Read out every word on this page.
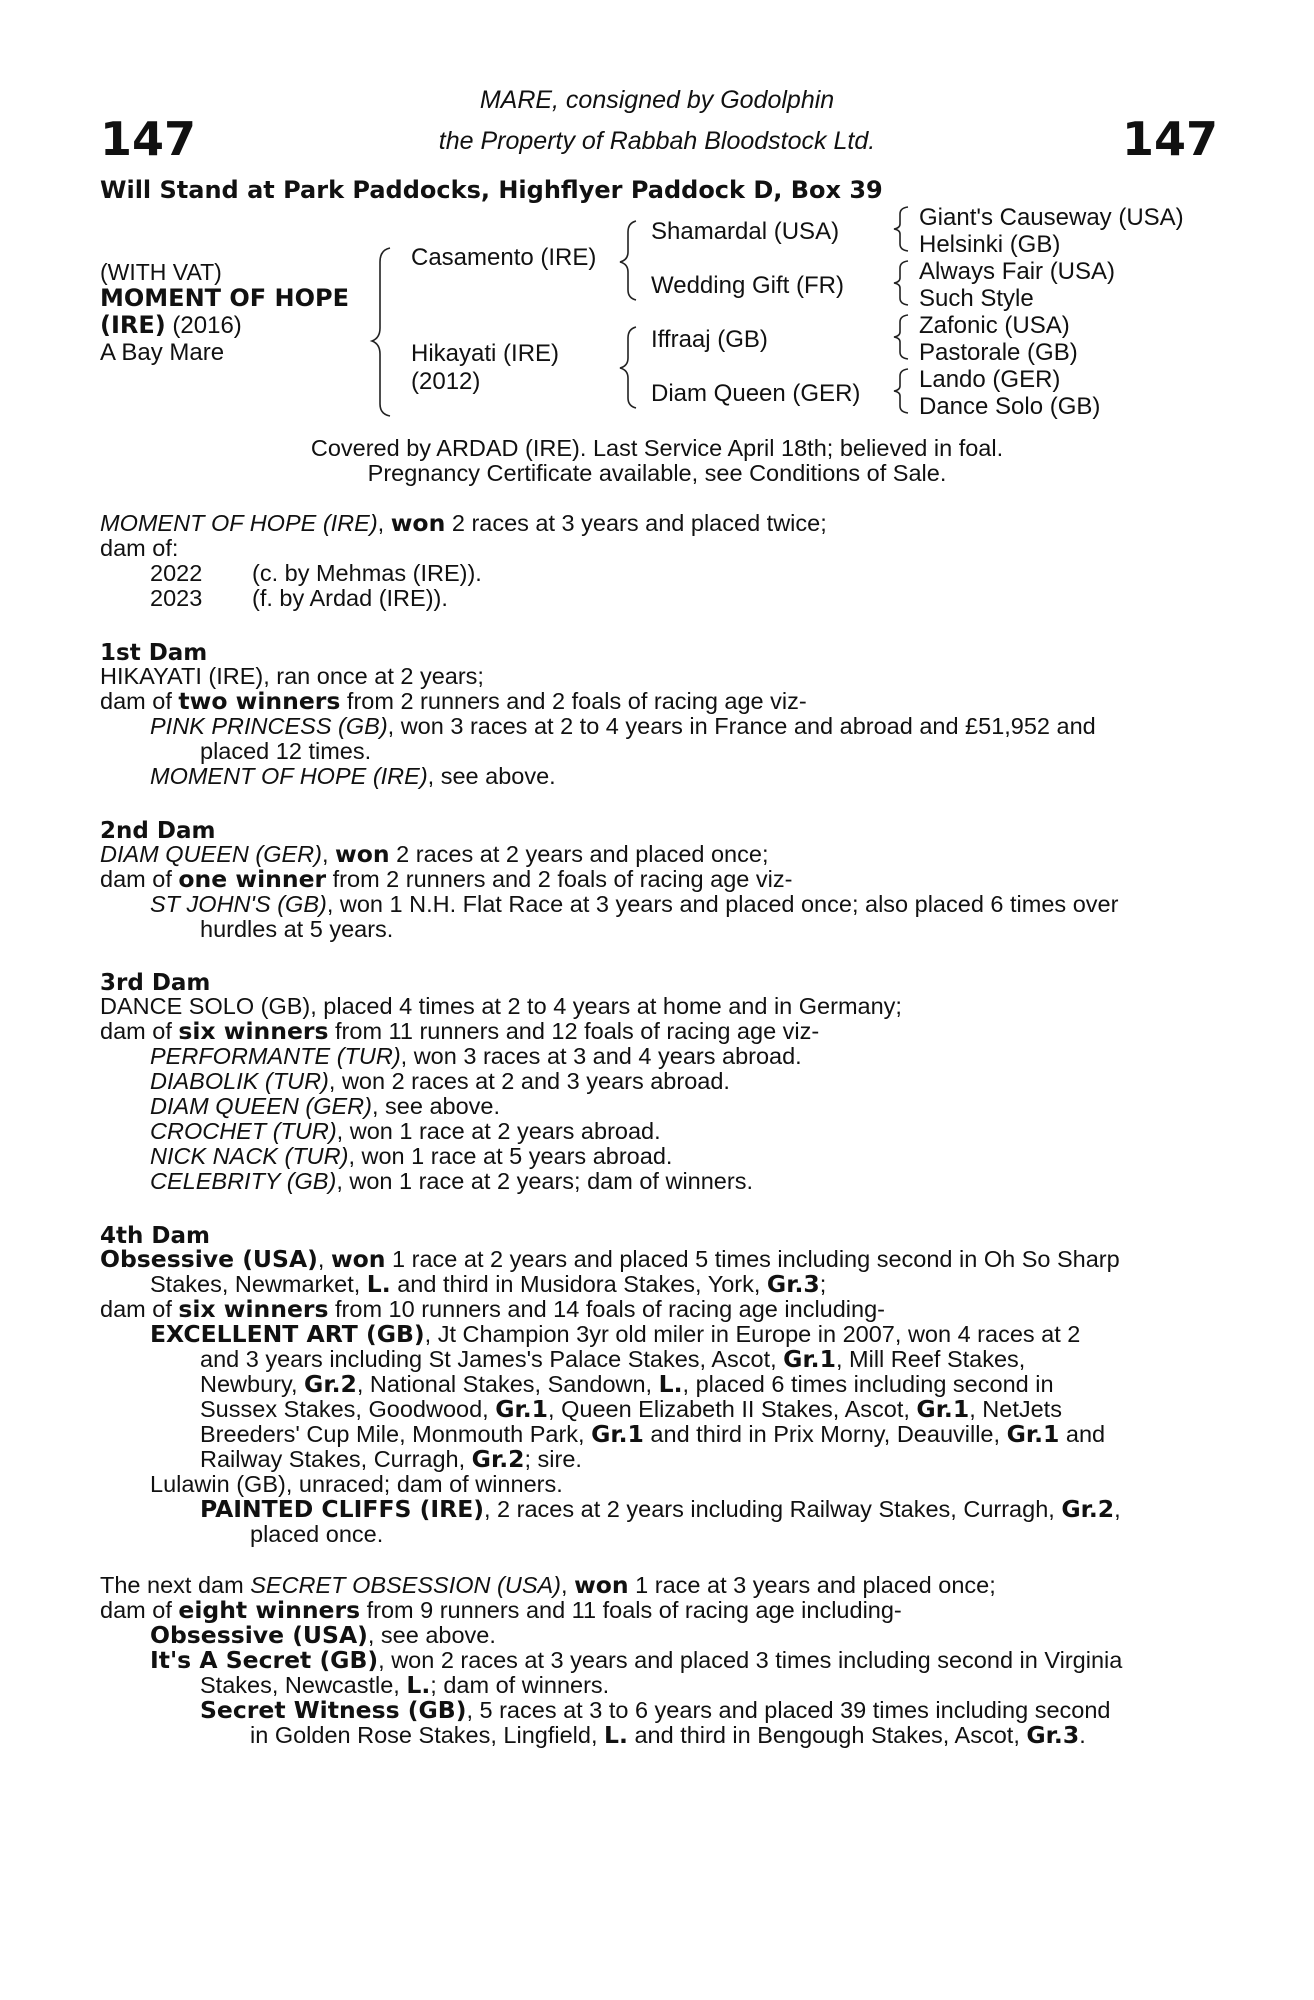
147	147
MARE, consigned by Godolphin
the Property of Rabbah Bloodstock Ltd.
Will Stand at Park Paddocks, Highflyer Paddock D, Box 39
(WITH VAT)
MOMENT OF HOPE
(IRE) (2016)
A Bay Mare
Casamento (IRE)
Hikayati (IRE)
(2012)
Shamardal (USA)
Wedding Gift (FR)
Iffraaj (GB)
Diam Queen (GER)
Giant's Causeway (USA)
Helsinki (GB)
Always Fair (USA)
Such Style
Zafonic (USA)
Pastorale (GB)
Lando (GER)
Dance Solo (GB)
Covered by ARDAD (IRE). Last Service April 18th; believed in foal.
Pregnancy Certificate available, see Conditions of Sale.
MOMENT OF HOPE (IRE), won 2 races at 3 years and placed twice;
dam of:
2022 (c. by Mehmas (IRE)).
2023 (f. by Ardad (IRE)).
1st Dam
HIKAYATI (IRE), ran once at 2 years;
dam of two winners from 2 runners and 2 foals of racing age viz-
PINK PRINCESS (GB), won 3 races at 2 to 4 years in France and abroad and £51,952 and
placed 12 times.
MOMENT OF HOPE (IRE), see above.
2nd Dam
DIAM QUEEN (GER), won 2 races at 2 years and placed once;
dam of one winner from 2 runners and 2 foals of racing age viz-
ST JOHN'S (GB), won 1 N.H. Flat Race at 3 years and placed once; also placed 6 times over
hurdles at 5 years.
3rd Dam
DANCE SOLO (GB), placed 4 times at 2 to 4 years at home and in Germany;
dam of six winners from 11 runners and 12 foals of racing age viz-
PERFORMANTE (TUR), won 3 races at 3 and 4 years abroad.
DIABOLIK (TUR), won 2 races at 2 and 3 years abroad.
DIAM QUEEN (GER), see above.
CROCHET (TUR), won 1 race at 2 years abroad.
NICK NACK (TUR), won 1 race at 5 years abroad.
CELEBRITY (GB), won 1 race at 2 years; dam of winners.
4th Dam
Obsessive (USA), won 1 race at 2 years and placed 5 times including second in Oh So Sharp
Stakes, Newmarket, L. and third in Musidora Stakes, York, Gr.3;
dam of six winners from 10 runners and 14 foals of racing age including-
EXCELLENT ART (GB), Jt Champion 3yr old miler in Europe in 2007, won 4 races at 2
and 3 years including St James's Palace Stakes, Ascot, Gr.1, Mill Reef Stakes,
Newbury, Gr.2, National Stakes, Sandown, L., placed 6 times including second in
Sussex Stakes, Goodwood, Gr.1, Queen Elizabeth II Stakes, Ascot, Gr.1, NetJets
Breeders' Cup Mile, Monmouth Park, Gr.1 and third in Prix Morny, Deauville, Gr.1 and
Railway Stakes, Curragh, Gr.2; sire.
Lulawin (GB), unraced; dam of winners.
PAINTED CLIFFS (IRE), 2 races at 2 years including Railway Stakes, Curragh, Gr.2,
placed once.
The next dam SECRET OBSESSION (USA), won 1 race at 3 years and placed once;
dam of eight winners from 9 runners and 11 foals of racing age including-
Obsessive (USA), see above.
It's A Secret (GB), won 2 races at 3 years and placed 3 times including second in Virginia
Stakes, Newcastle, L.; dam of winners.
Secret Witness (GB), 5 races at 3 to 6 years and placed 39 times including second
in Golden Rose Stakes, Lingfield, L. and third in Bengough Stakes, Ascot, Gr.3.
